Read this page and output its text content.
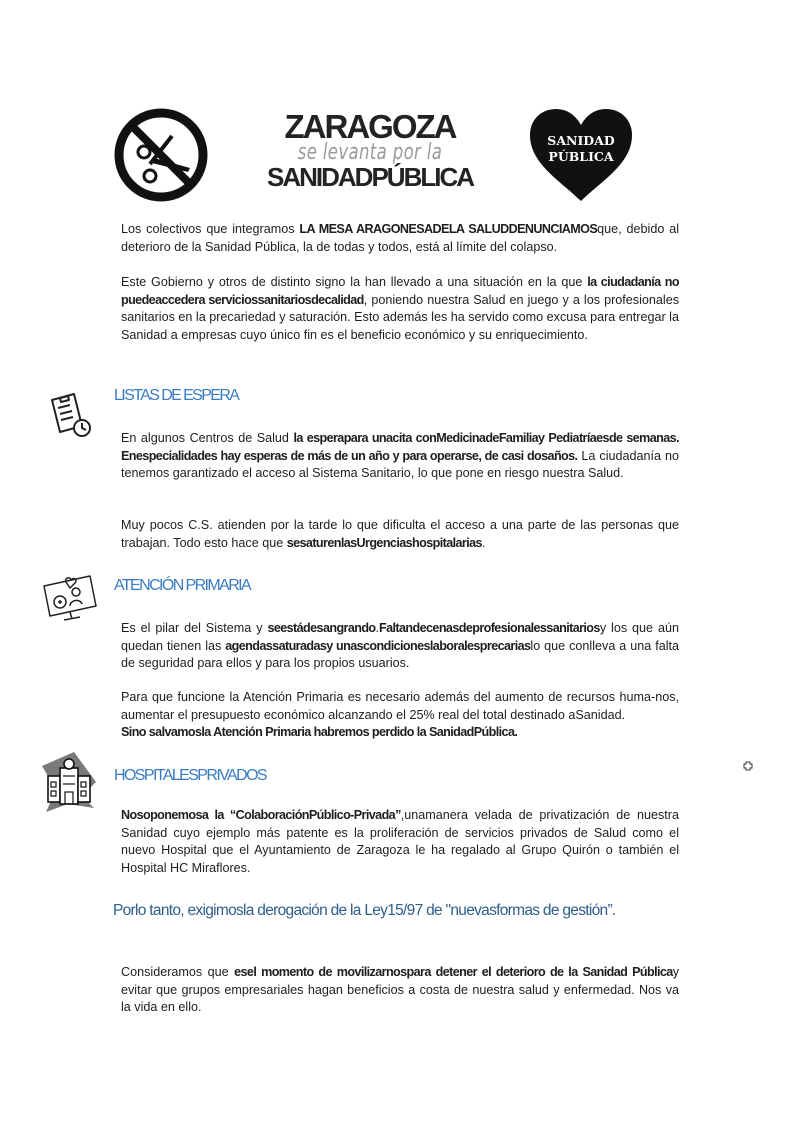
ZARAGOZA
se levanta por la
SANIDADPÚBLICA
SANIDAD
PÚBLICA
Los colectivos que integramos LA MESA ARAGONESADELA SALUDDENUNCIAMOSque, debido al deterioro de la Sanidad Pública, la de todas y todos, está al límite del colapso.
Este Gobierno y otros de distinto signo la han llevado a una situación en la que la ciudadanía no puedeaccedera serviciossanitariosdecalidad, poniendo nuestra Salud en juego y a los profesionales sanitarios en la precariedad y saturación. Esto además les ha servido como excusa para entregar la Sanidad a empresas cuyo único fin es el beneficio económico y su enriquecimiento.
LISTAS DE ESPERA
En algunos Centros de Salud la esperapara unacita conMedicinadeFamiliay Pediatríaesde semanas. Enespecialidades hay esperas de más de un año y para operarse, de casi dosaños. La ciudadanía no tenemos garantizado el acceso al Sistema Sanitario, lo que pone en riesgo nuestra Salud.
Muy pocos C.S. atienden por la tarde lo que dificulta el acceso a una parte de las personas que trabajan. Todo esto hace que sesaturenlasUrgenciashospitalarias.
ATENCIÓN PRIMARIA
Es el pilar del Sistema y seestádesangrando.Faltandecenasdeprofesionalessanitariosy los que aún quedan tienen las agendassaturadasy unascondicioneslaboralesprecariaslo que conlleva a una falta de seguridad para ellos y para los propios usuarios.
Para que funcione la Atención Primaria es necesario además del aumento de recursos huma-nos, aumentar el presupuesto económico alcanzando el 25% real del total destinado aSanidad.
Sino salvamosla Atención Primaria habremos perdido la SanidadPública.
HOSPITALESPRIVADOS
Nosoponemosa la “ColaboraciónPúblico-Privada”,unamanera velada de privatización de nuestra Sanidad cuyo ejemplo más patente es la proliferación de servicios privados de Salud como el nuevo Hospital que el Ayuntamiento de Zaragoza le ha regalado al Grupo Quirón o también el Hospital HC Miraflores.
Porlo tanto, exigimosla derogación de la Ley15/97 de "nuevasformas de gestión”.
Consideramos que esel momento de movilizarnospara detener el deterioro de la Sanidad Públicay evitar que grupos empresariales hagan beneficios a costa de nuestra salud y enfermedad. Nos va la vida en ello.
